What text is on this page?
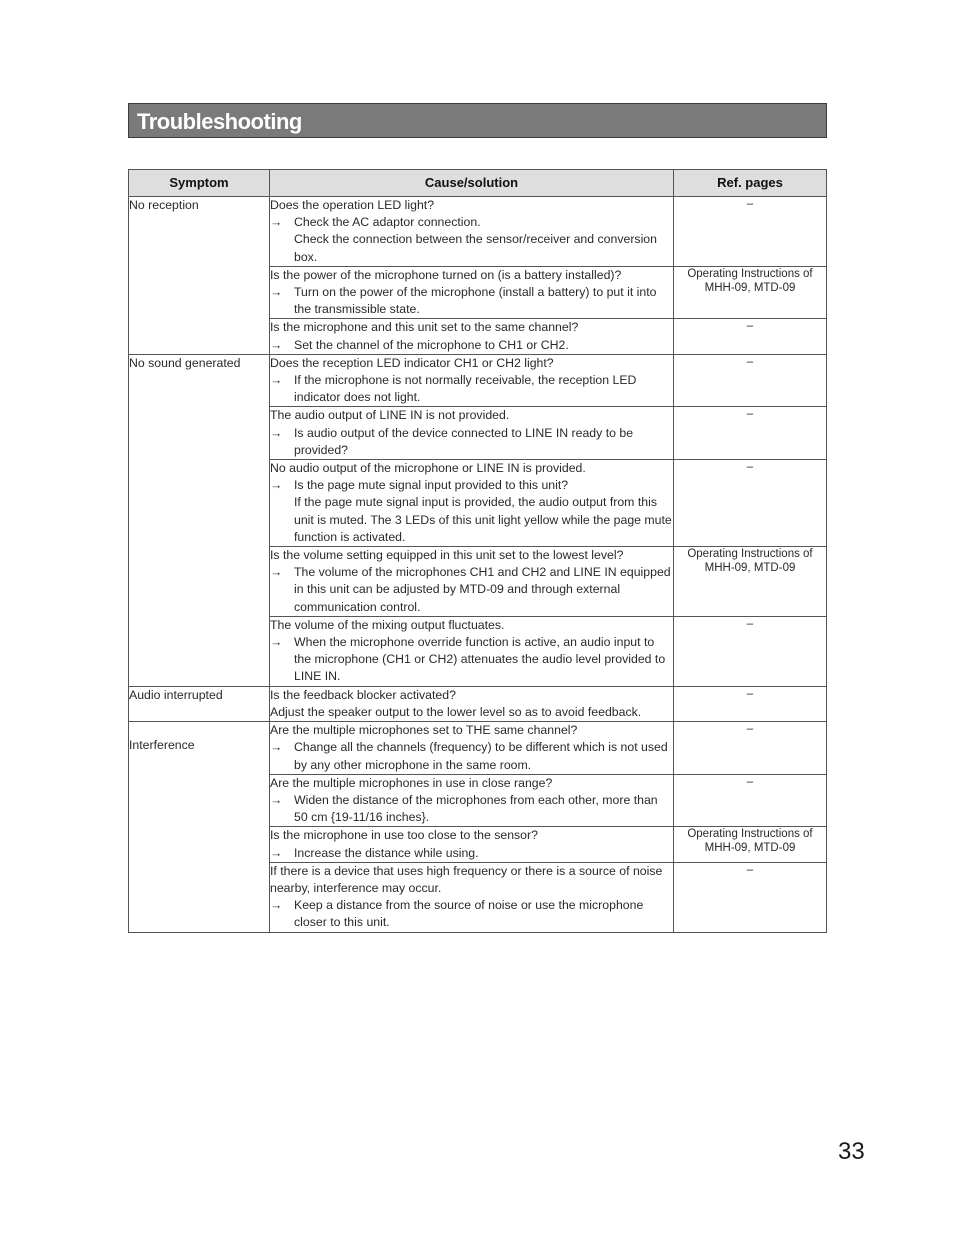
Troubleshooting
Symptom	Cause/solution	Ref. pages
No reception	Does the operation LED light?
→ Check the AC adaptor connection.
Check the connection between the sensor/receiver and conversion box.	–

	Is the power of the microphone turned on (is a battery installed)?
→ Turn on the power of the microphone (install a battery) to put it into the transmissible state.	Operating Instructions of MHH-09, MTD-09

	Is the microphone and this unit set to the same channel?
→ Set the channel of the microphone to CH1 or CH2.	–
No sound generated	Does the reception LED indicator CH1 or CH2 light?
→ If the microphone is not normally receivable, the reception LED indicator does not light.	–

	The audio output of LINE IN is not provided.
→ Is audio output of the device connected to LINE IN ready to be provided?	–

	No audio output of the microphone or LINE IN is provided.
→ Is the page mute signal input provided to this unit?
If the page mute signal input is provided, the audio output from this unit is muted. The 3 LEDs of this unit light yellow while the page mute function is activated.	–

	Is the volume setting equipped in this unit set to the lowest level?
→ The volume of the microphones CH1 and CH2 and LINE IN equipped in this unit can be adjusted by MTD-09 and through external communication control.	Operating Instructions of MHH-09, MTD-09

	The volume of the mixing output fluctuates.
→ When the microphone override function is active, an audio input to the microphone (CH1 or CH2) attenuates the audio level provided to LINE IN.	–
Audio interrupted	Is the feedback blocker activated?
Adjust the speaker output to the lower level so as to avoid feedback.	–

Interference	Are the multiple microphones set to THE same channel?
→ Change all the channels (frequency) to be different which is not used by any other microphone in the same room.	–

	Are the multiple microphones in use in close range?
→ Widen the distance of the microphones from each other, more than 50 cm {19-11/16 inches}.	–

	Is the microphone in use too close to the sensor?
→ Increase the distance while using.	Operating Instructions of MHH-09, MTD-09

	If there is a device that uses high frequency or there is a source of noise nearby, interference may occur.
→ Keep a distance from the source of noise or use the microphone closer to this unit.	–
33
